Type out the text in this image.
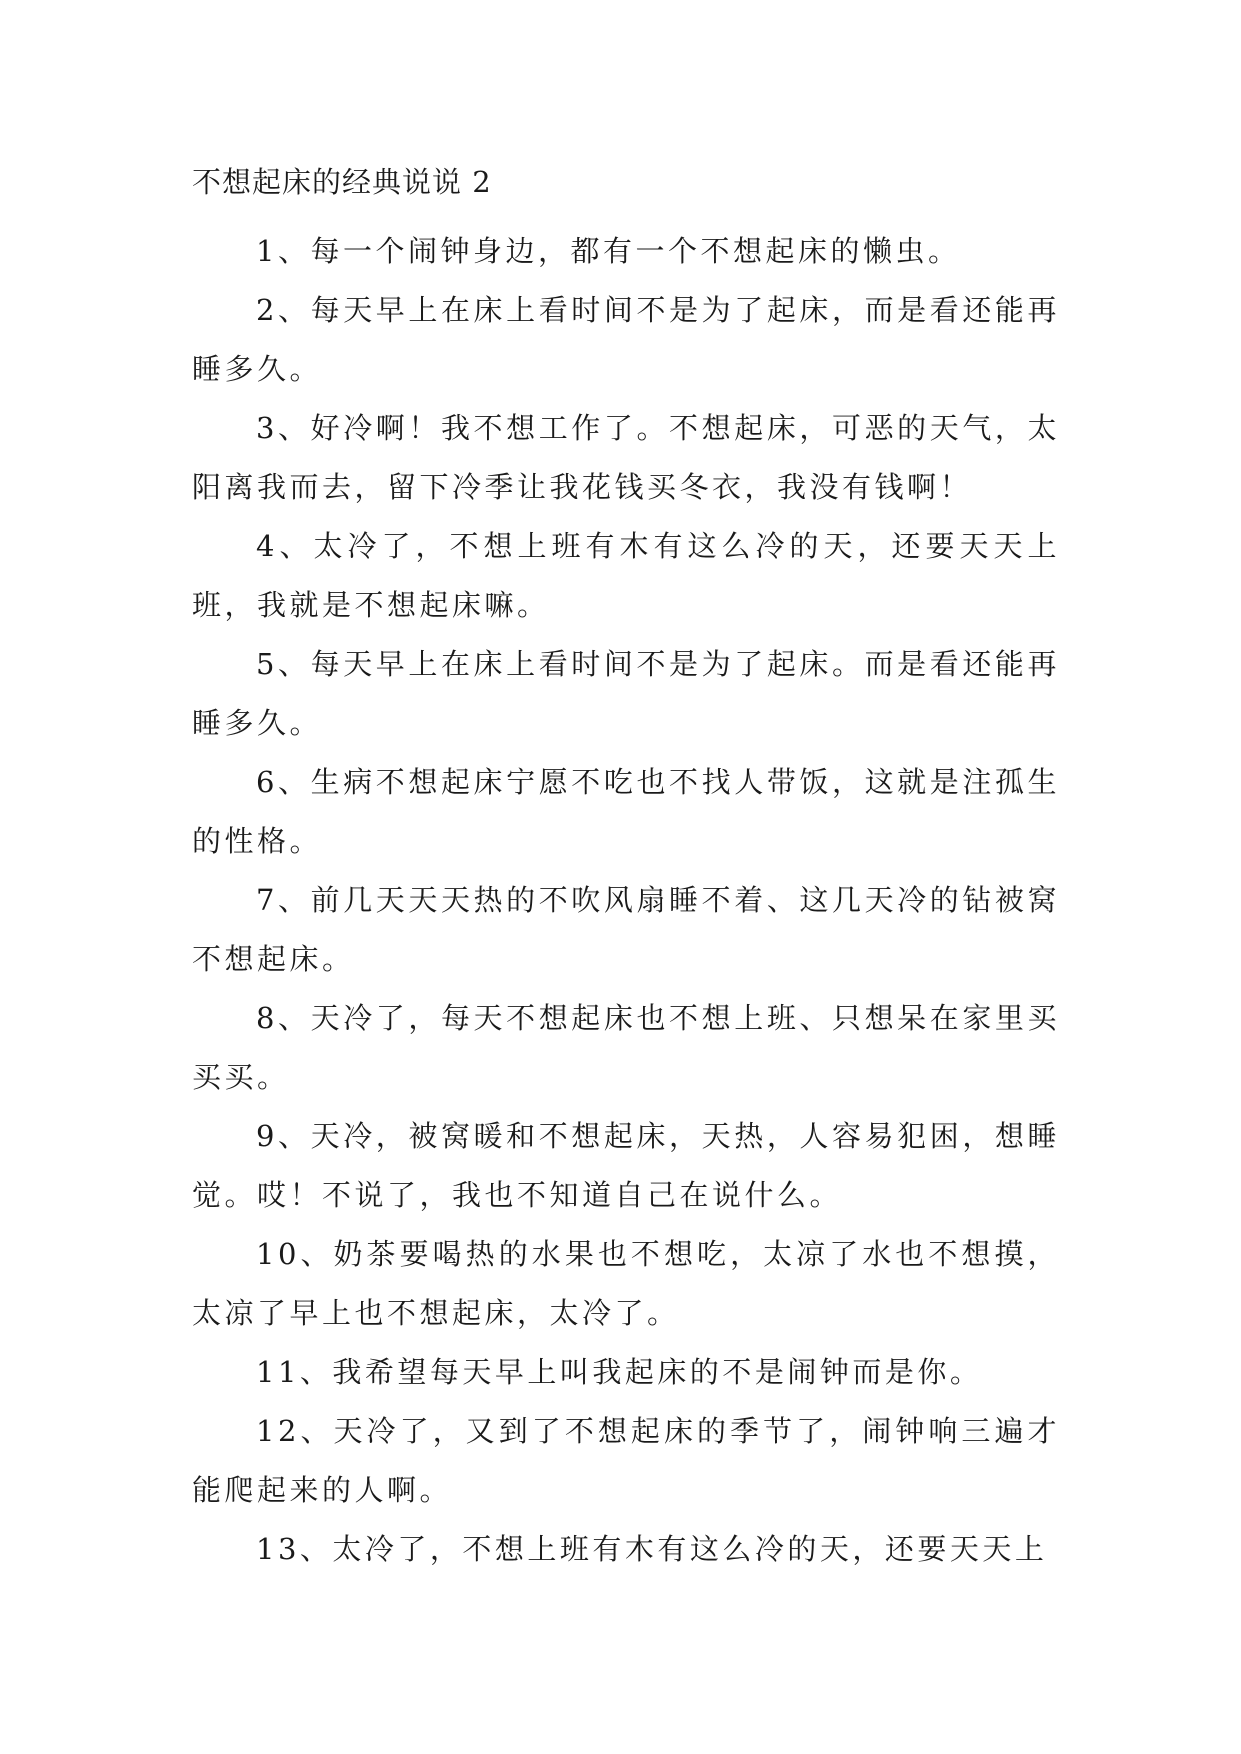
不想起床的经典说说 2

1、每一个闹钟身边，都有一个不想起床的懒虫。

2、每天早上在床上看时间不是为了起床，而是看还能再睡多久。

3、好冷啊！我不想工作了。不想起床，可恶的天气，太阳离我而去，留下冷季让我花钱买冬衣，我没有钱啊！

4、太冷了，不想上班有木有这么冷的天，还要天天上班，我就是不想起床嘛。

5、每天早上在床上看时间不是为了起床。而是看还能再睡多久。

6、生病不想起床宁愿不吃也不找人带饭，这就是注孤生的性格。

7、前几天天天热的不吹风扇睡不着、这几天冷的钻被窝不想起床。

8、天冷了，每天不想起床也不想上班、只想呆在家里买买买。

9、天冷，被窝暖和不想起床，天热，人容易犯困，想睡觉。哎！不说了，我也不知道自己在说什么。

10、奶茶要喝热的水果也不想吃，太凉了水也不想摸，太凉了早上也不想起床，太冷了。

11、我希望每天早上叫我起床的不是闹钟而是你。

12、天冷了，又到了不想起床的季节了，闹钟响三遍才能爬起来的人啊。

13、太冷了，不想上班有木有这么冷的天，还要天天上
